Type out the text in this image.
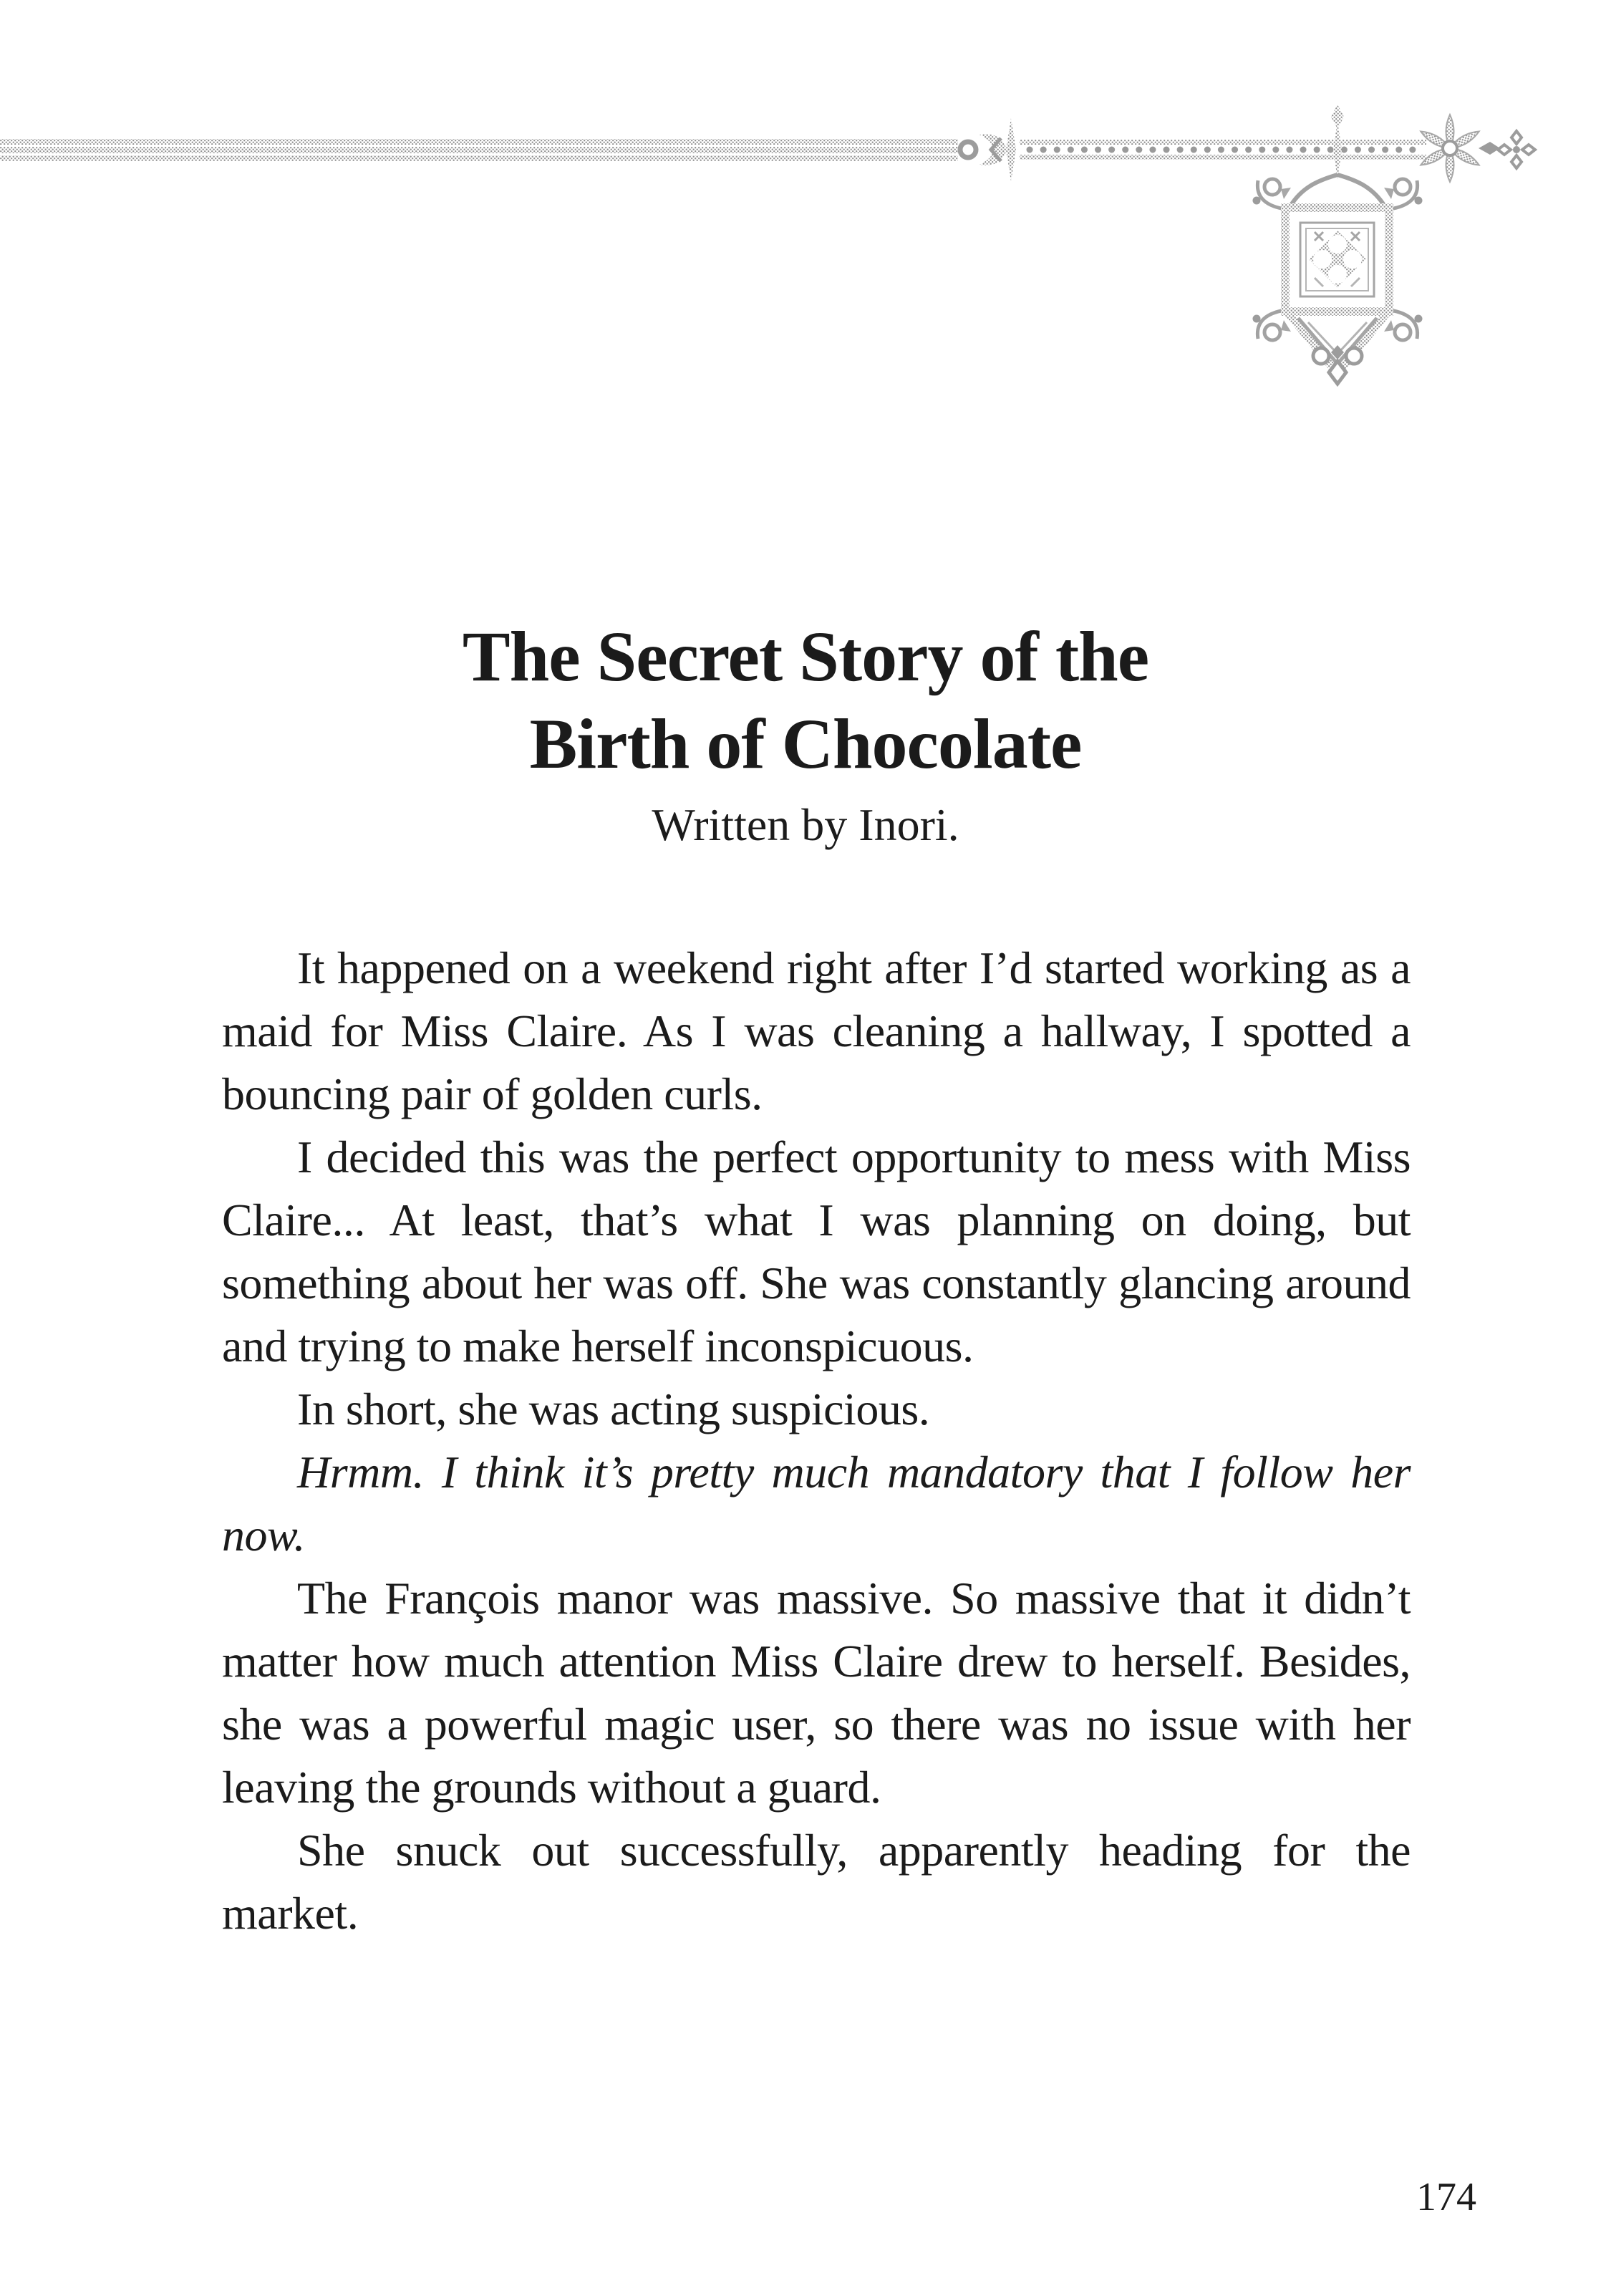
The Secret Story of the
Birth of Chocolate
Written by Inori.

It happened on a weekend right after I’d started working as a maid for Miss Claire. As I was cleaning a hallway, I spotted a bouncing pair of golden curls.

I decided this was the perfect opportunity to mess with Miss Claire... At least, that’s what I was planning on doing, but something about her was off. She was constantly glancing around and trying to make herself inconspicuous.

In short, she was acting suspicious.

Hrmm. I think it’s pretty much mandatory that I follow her now.

The François manor was massive. So massive that it didn’t matter how much attention Miss Claire drew to herself. Besides, she was a powerful magic user, so there was no issue with her leaving the grounds without a guard.

She snuck out successfully, apparently heading for the market.

174
